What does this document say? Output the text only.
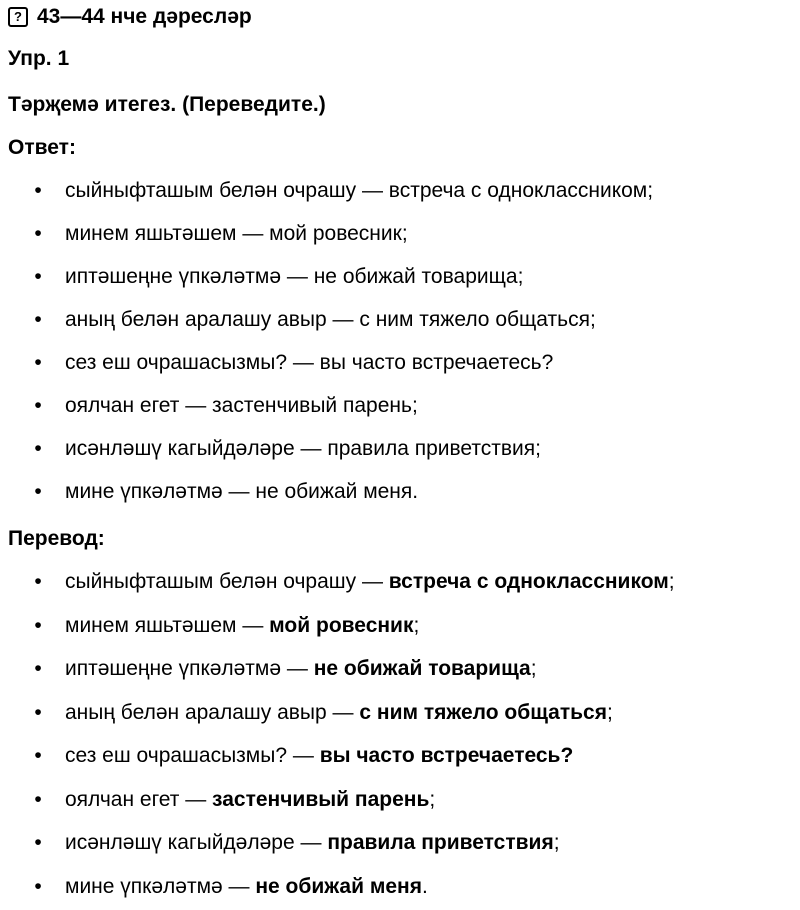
? 43—44 нче дәресләр
Упр. 1
Тәрҗемә итегез. (Переведите.)
Ответ:
• сыйныфташым белән очрашу — встреча с одноклассником;
• минем яшьтәшем — мой ровесник;
• иптәшеңне үпкәләтмә — не обижай товарища;
• аның белән аралашу авыр — с ним тяжело общаться;
• сез еш очрашасызмы? — вы часто встречаетесь?
• оялчан егет — застенчивый парень;
• исәнләшү кагыйдәләре — правила приветствия;
• мине үпкәләтмә — не обижай меня.
Перевод:
• сыйныфташым белән очрашу — встреча с одноклассником;
• минем яшьтәшем — мой ровесник;
• иптәшеңне үпкәләтмә — не обижай товарища;
• аның белән аралашу авыр — с ним тяжело общаться;
• сез еш очрашасызмы? — вы часто встречаетесь?
• оялчан егет — застенчивый парень;
• исәнләшү кагыйдәләре — правила приветствия;
• мине үпкәләтмә — не обижай меня.
